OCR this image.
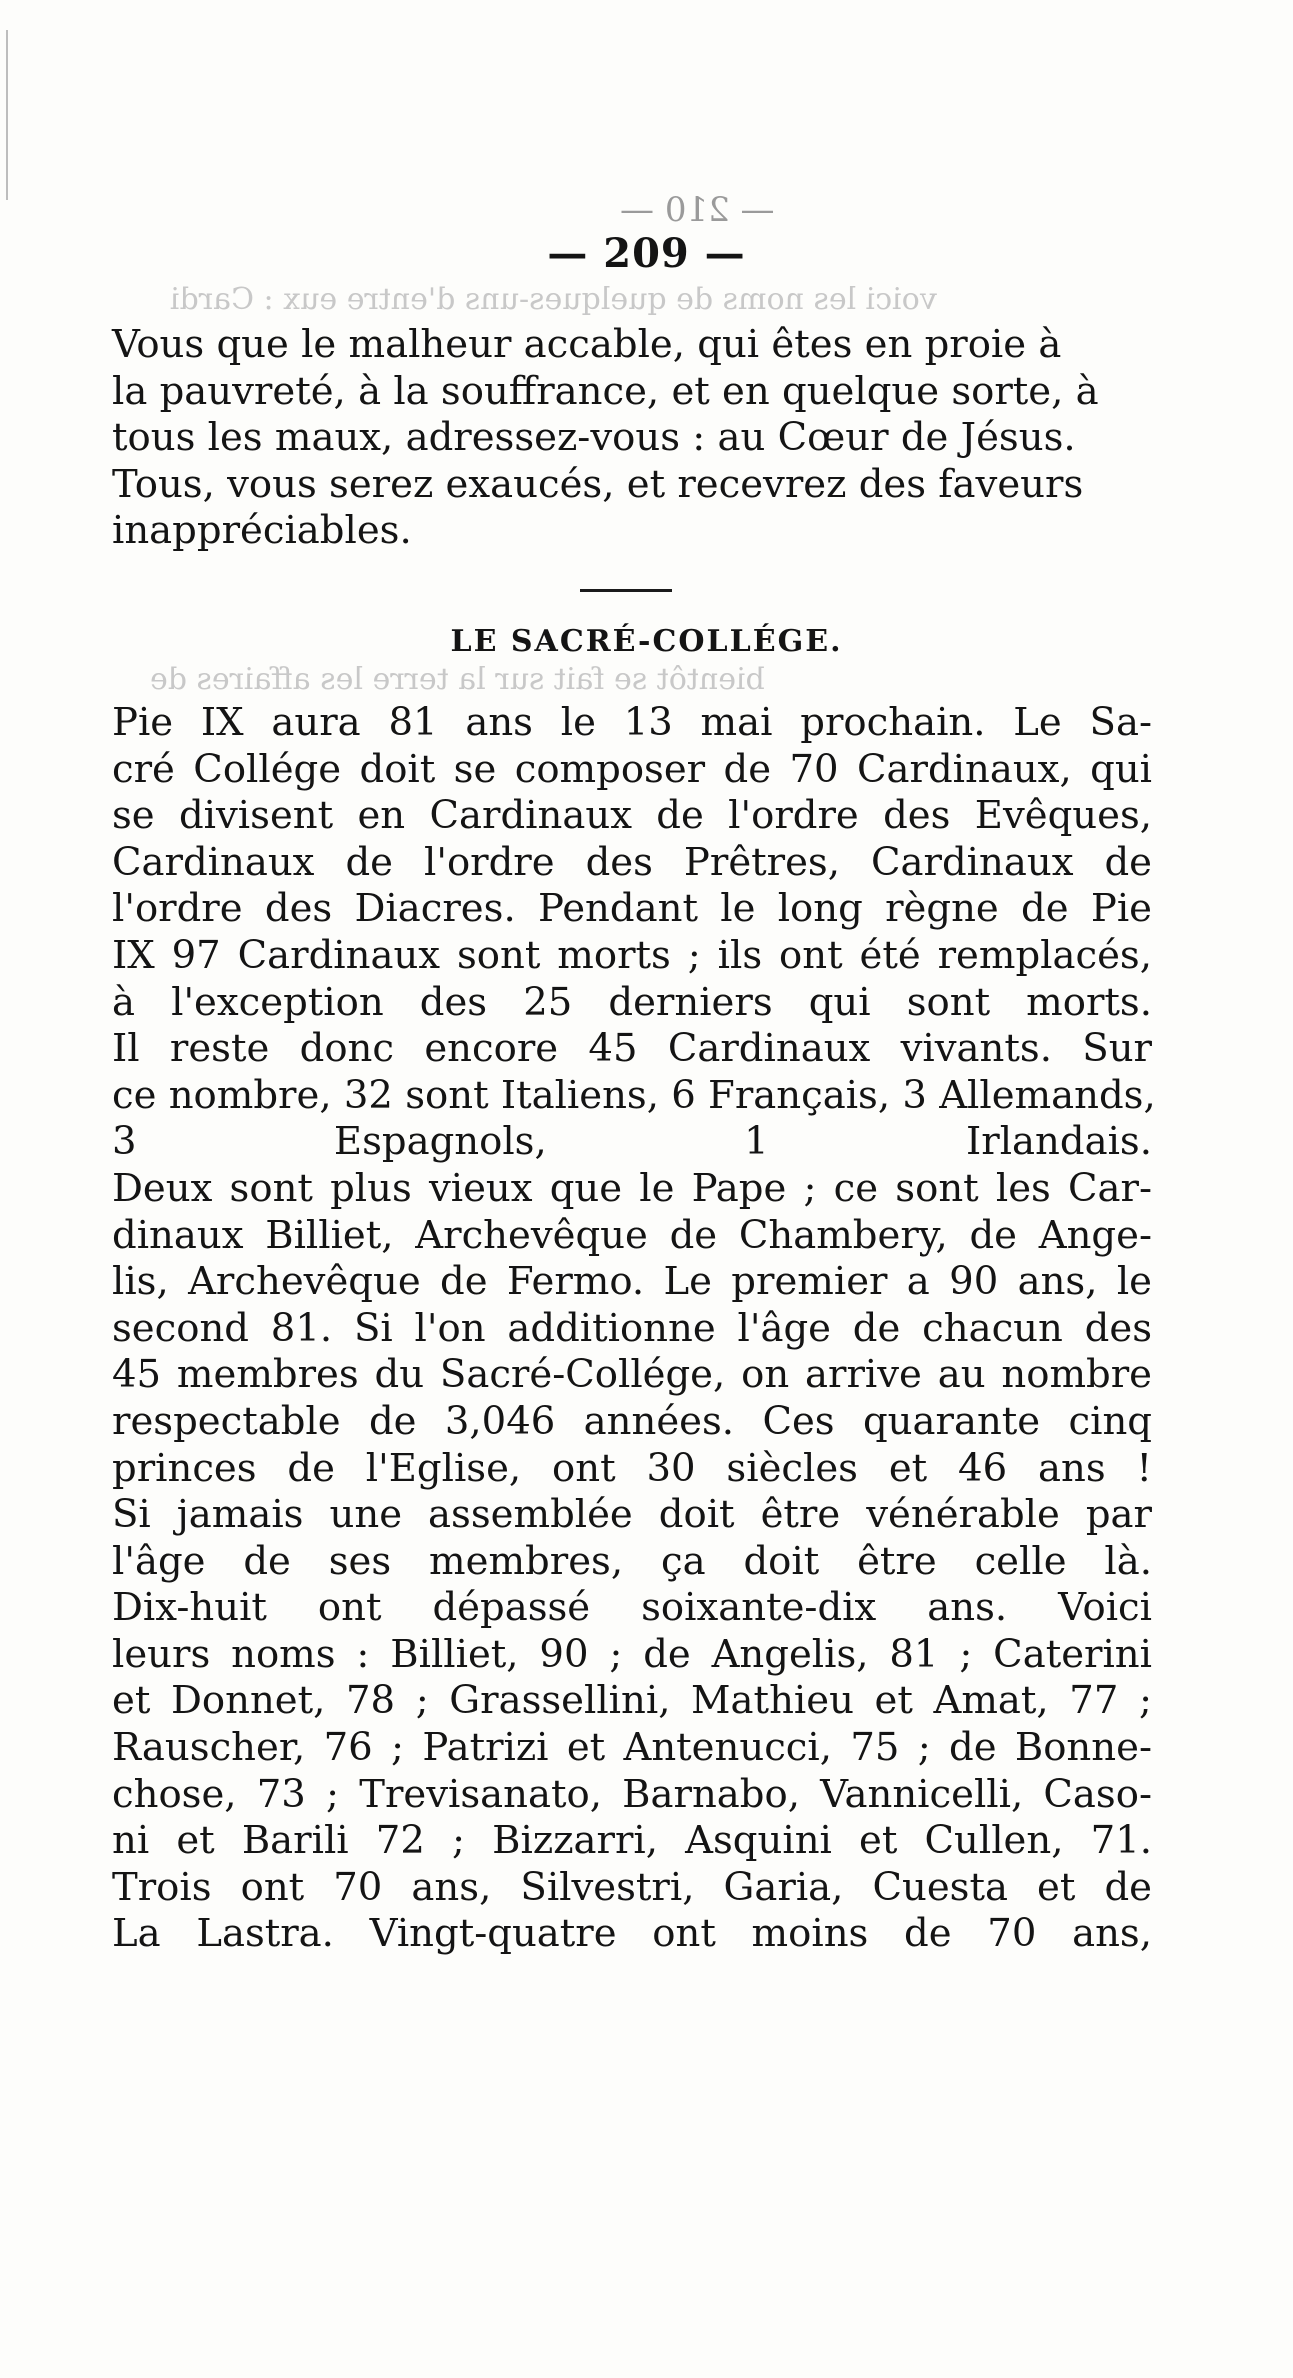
— 210 —
— 209 —
voici les noms de quelques-uns d'entre eux : Cardi
Vous que le malheur accable, qui êtes en proie à
la pauvreté, à la souffrance, et en quelque sorte, à
tous les maux, adressez-vous : au Cœur de Jésus.
Tous, vous serez exaucés, et recevrez des faveurs
inappréciables.
LE SACRÉ-COLLÉGE.
bientôt se fait sur la terre les affaires de
Pie IX aura 81 ans le 13 mai prochain. Le Sa-
cré Collége doit se composer de 70 Cardinaux, qui
se divisent en Cardinaux de l'ordre des Evêques,
Cardinaux de l'ordre des Prêtres, Cardinaux de
l'ordre des Diacres. Pendant le long règne de Pie
IX 97 Cardinaux sont morts ; ils ont été remplacés,
à l'exception des 25 derniers qui sont morts.
Il reste donc encore 45 Cardinaux vivants. Sur
ce nombre, 32 sont Italiens, 6 Français, 3 Allemands,
3 Espagnols, 1 Irlandais.
Deux sont plus vieux que le Pape ; ce sont les Car-
dinaux Billiet, Archevêque de Chambery, de Ange-
lis, Archevêque de Fermo. Le premier a 90 ans, le
second 81. Si l'on additionne l'âge de chacun des
45 membres du Sacré-Collége, on arrive au nombre
respectable de 3,046 années. Ces quarante cinq
princes de l'Eglise, ont 30 siècles et 46 ans !
Si jamais une assemblée doit être vénérable par
l'âge de ses membres, ça doit être celle là.
Dix-huit ont dépassé soixante-dix ans. Voici
leurs noms : Billiet, 90 ; de Angelis, 81 ; Caterini
et Donnet, 78 ; Grassellini, Mathieu et Amat, 77 ;
Rauscher, 76 ; Patrizi et Antenucci, 75 ; de Bonne-
chose, 73 ; Trevisanato, Barnabo, Vannicelli, Caso-
ni et Barili 72 ; Bizzarri, Asquini et Cullen, 71.
Trois ont 70 ans, Silvestri, Garia, Cuesta et de
La Lastra. Vingt-quatre ont moins de 70 ans,
